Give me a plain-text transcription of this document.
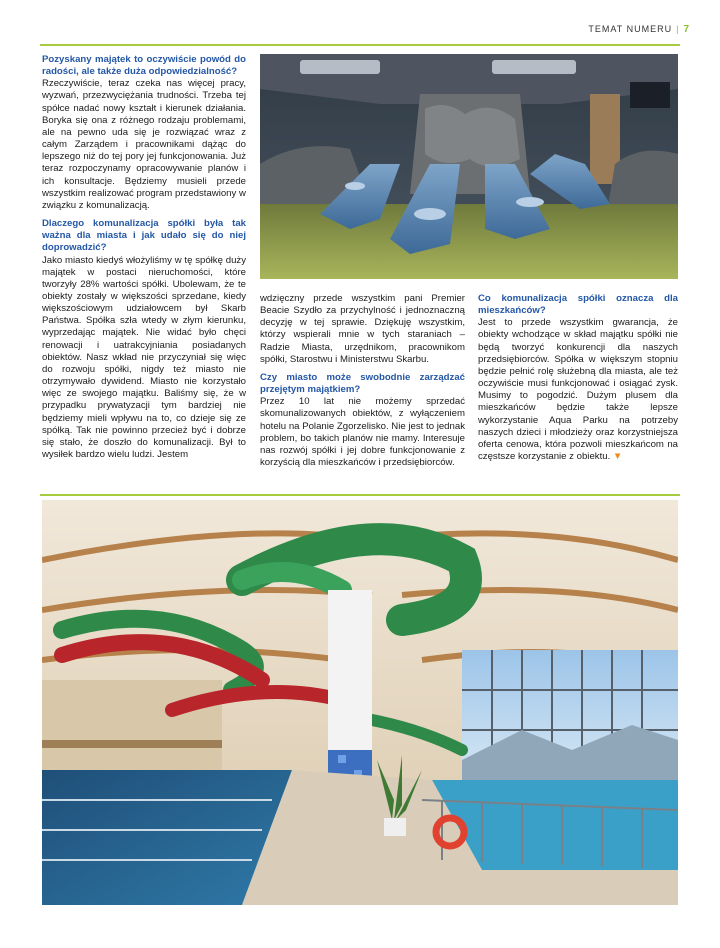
TEMAT NUMERU | 7

Pozyskany majątek to oczywiście powód do radości, ale także duża odpowiedzialność?

Rzeczywiście, teraz czeka nas więcej pracy, wyzwań, przezwyciężania trudności. Trzeba tej spółce nadać nowy kształt i kierunek działania. Boryka się ona z różnego rodzaju problemami, ale na pewno uda się je rozwiązać wraz z całym Zarządem i pracownikami dążąc do lepszego niż do tej pory jej funkcjonowania. Już teraz rozpoczynamy opracowywanie planów i ich konsultacje. Będziemy musieli przede wszystkim realizować program przedstawiony w związku z komunalizacją.

Dlaczego komunalizacja spółki była tak ważna dla miasta i jak udało się do niej doprowadzić?

Jako miasto kiedyś włożyliśmy w tę spółkę duży majątek w postaci nieruchomości, które tworzyły 28% wartości spółki. Ubolewam, że te obiekty zostały w większości sprzedane, kiedy większościowym udziałowcem był Skarb Państwa. Spółka szła wtedy w złym kierunku, wyprzedając majątek. Nie widać było chęci renowacji i uatrakcyjniania posiadanych obiektów. Nasz wkład nie przyczyniał się więc do rozwoju spółki, nigdy też miasto nie otrzymywało dywidend. Miasto nie korzystało więc ze swojego majątku. Baliśmy się, że w przypadku prywatyzacji tym bardziej nie będziemy mieli wpływu na to, co dzieje się ze spółką. Tak nie powinno przecież być i dobrze się stało, że doszło do komunalizacji. Był to wysiłek bardzo wielu ludzi. Jestem

wdzięczny przede wszystkim pani Premier Beacie Szydło za przychylność i jednoznaczną decyzję w tej sprawie. Dziękuję wszystkim, którzy wspierali mnie w tych staraniach – Radzie Miasta, urzędnikom, pracownikom spółki, Starostwu i Ministerstwu Skarbu.

Czy miasto może swobodnie zarządzać przejętym majątkiem?

Przez 10 lat nie możemy sprzedać skomunalizowanych obiektów, z wyłączeniem hotelu na Polanie Zgorzelisko. Nie jest to jednak problem, bo takich planów nie mamy. Interesuje nas rozwój spółki i jej dobre funkcjonowanie z korzyścią dla mieszkańców i przedsiębiorców.

Co komunalizacja spółki oznacza dla mieszkańców?

Jest to przede wszystkim gwarancja, że obiekty wchodzące w skład majątku spółki nie będą tworzyć konkurencji dla naszych przedsiębiorców. Spółka w większym stopniu będzie pełnić rolę służebną dla miasta, ale też oczywiście musi funkcjonować i osiągać zysk. Musimy to pogodzić. Dużym plusem dla mieszkańców będzie także lepsze wykorzystanie Aqua Parku na potrzeby naszych dzieci i młodzieży oraz korzystniejsza oferta cenowa, która pozwoli mieszkańcom na częstsze korzystanie z obiektu. ▼
